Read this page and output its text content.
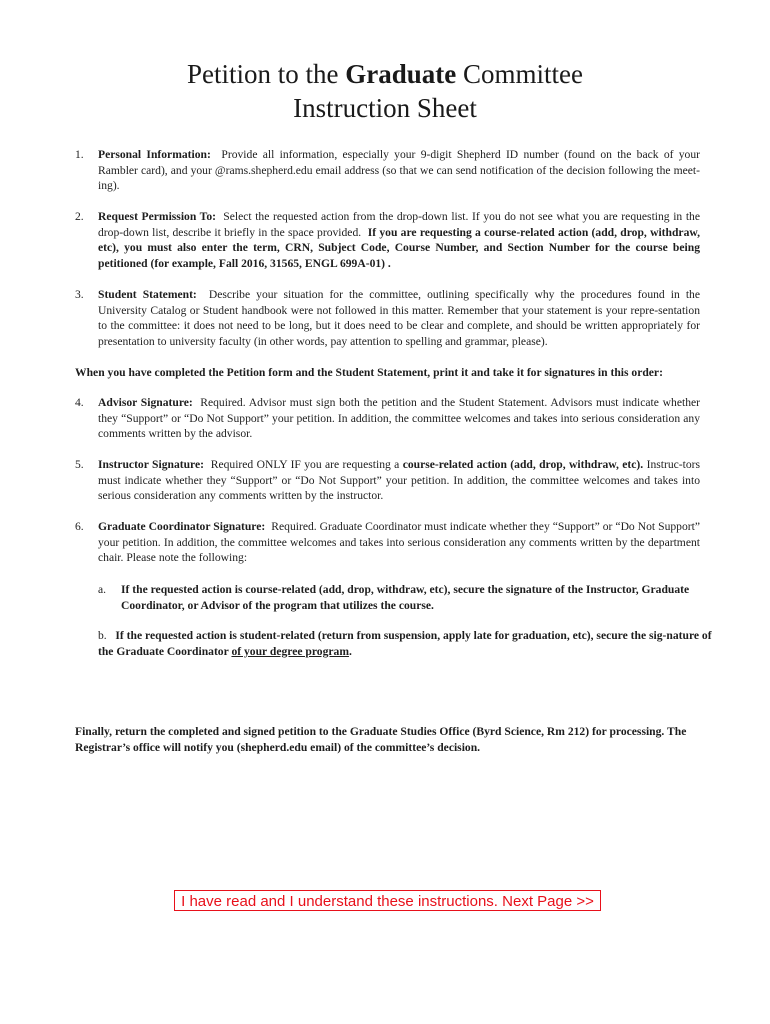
Petition to the Graduate Committee
Instruction Sheet
1.	Personal Information: Provide all information, especially your 9-digit Shepherd ID number (found on the back of your Rambler card), and your @rams.shepherd.edu email address (so that we can send notification of the decision following the meet-ing).
2.	Request Permission To: Select the requested action from the drop-down list. If you do not see what you are requesting in the drop-down list, describe it briefly in the space provided. If you are requesting a course-related action (add, drop, withdraw, etc), you must also enter the term, CRN, Subject Code, Course Number, and Section Number for the course being petitioned (for example, Fall 2016, 31565, ENGL 699A-01) .
3.	Student Statement: Describe your situation for the committee, outlining specifically why the procedures found in the University Catalog or Student handbook were not followed in this matter. Remember that your statement is your repre-sentation to the committee: it does not need to be long, but it does need to be clear and complete, and should be written appropriately for presentation to university faculty (in other words, pay attention to spelling and grammar, please).
When you have completed the Petition form and the Student Statement, print it and take it for signatures in this order:
4.	Advisor Signature: Required. Advisor must sign both the petition and the Student Statement. Advisors must indicate whether they “Support” or “Do Not Support” your petition. In addition, the committee welcomes and takes into serious consideration any comments written by the advisor.
5.	Instructor Signature: Required ONLY IF you are requesting a course-related action (add, drop, withdraw, etc). Instruc-tors must indicate whether they “Support” or “Do Not Support” your petition. In addition, the committee welcomes and takes into serious consideration any comments written by the instructor.
6.	Graduate Coordinator Signature: Required. Graduate Coordinator must indicate whether they “Support” or “Do Not Support” your petition. In addition, the committee welcomes and takes into serious consideration any comments written by the department chair. Please note the following:
a. If the requested action is course-related (add, drop, withdraw, etc), secure the signature of the Instructor, Graduate Coordinator, or Advisor of the program that utilizes the course.
b. If the requested action is student-related (return from suspension, apply late for graduation, etc), secure the sig-nature of the Graduate Coordinator of your degree program.
Finally, return the completed and signed petition to the Graduate Studies Office (Byrd Science, Rm 212) for processing. The Registrar’s office will notify you (shepherd.edu email) of the committee’s decision.
I have read and I understand these instructions. Next Page >>
